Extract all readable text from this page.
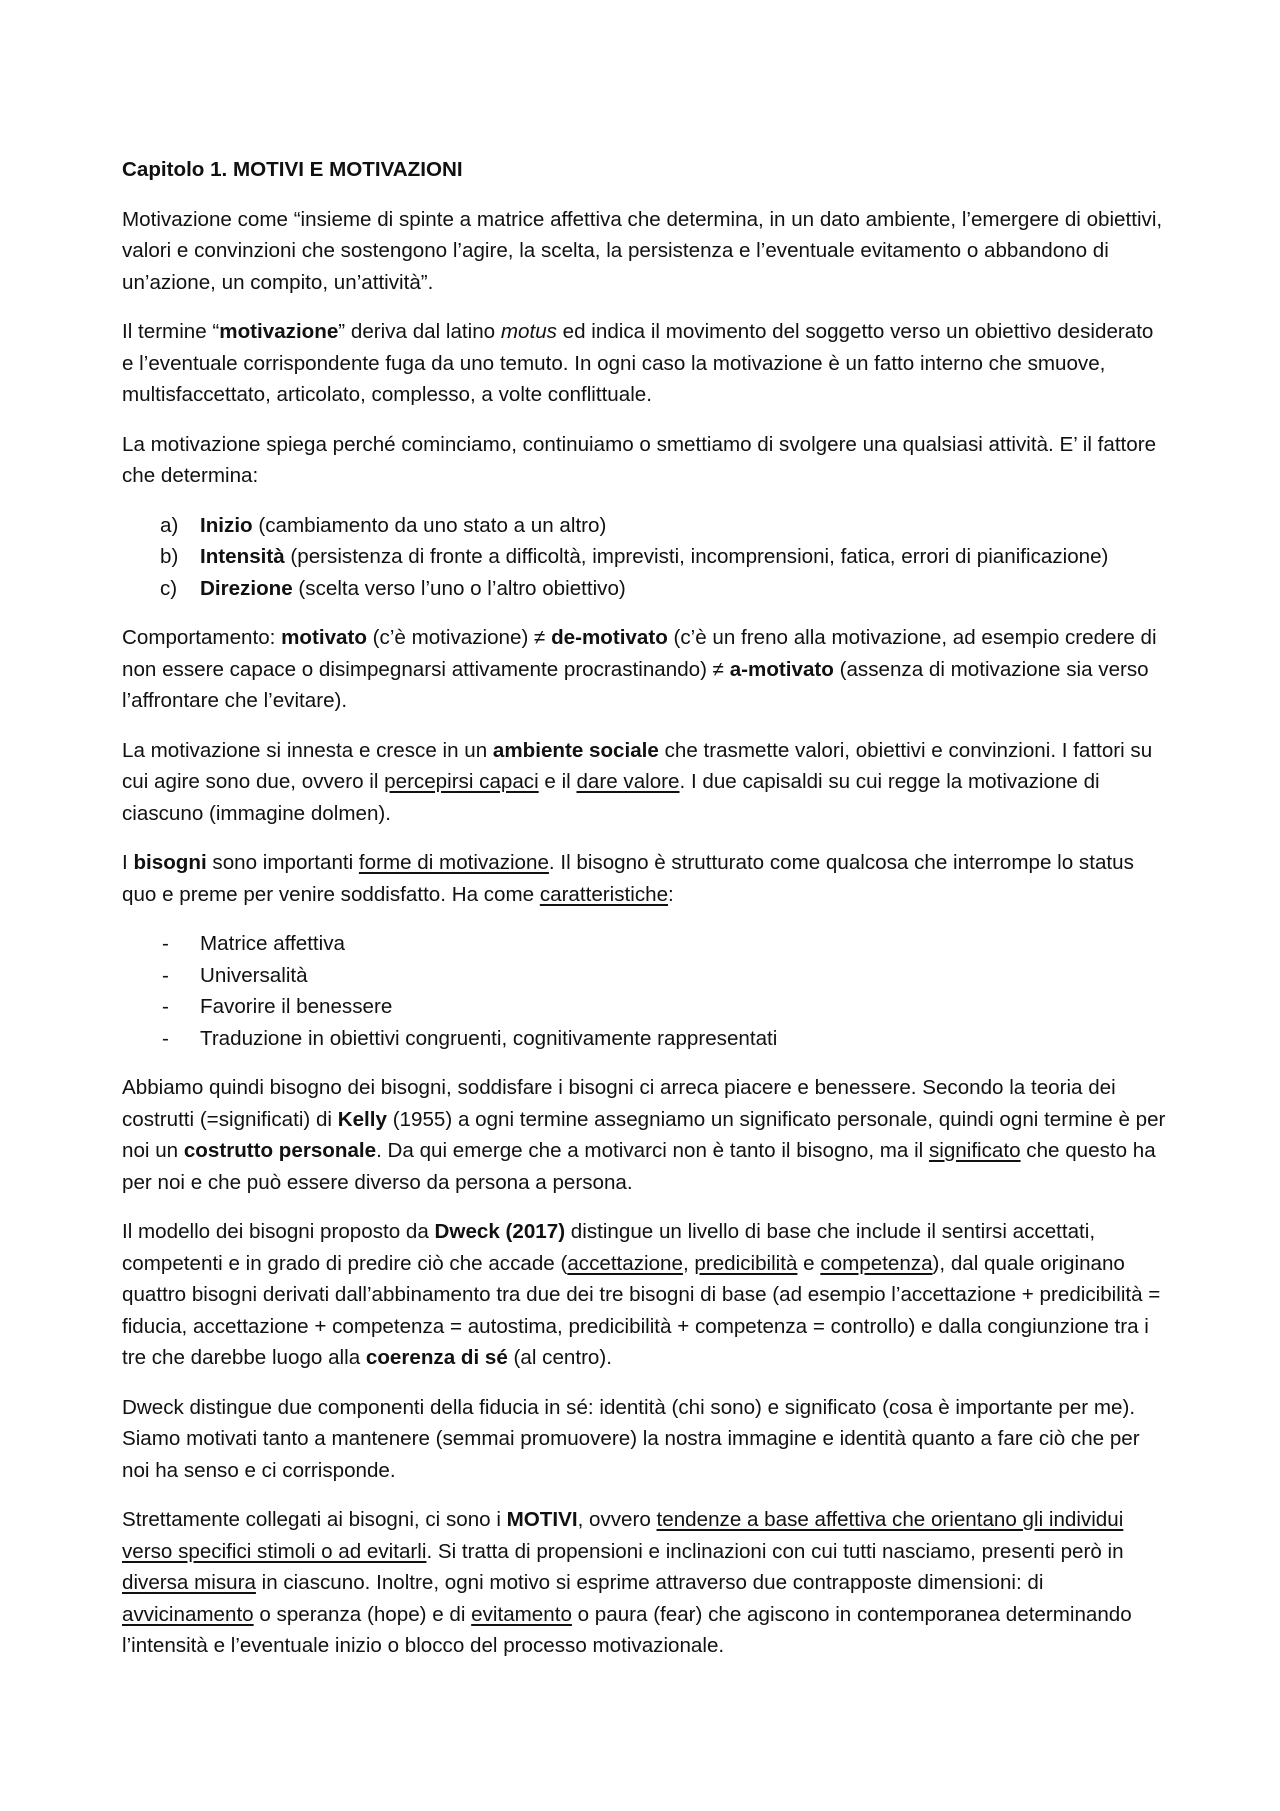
Capitolo 1. MOTIVI E MOTIVAZIONI

Motivazione come “insieme di spinte a matrice affettiva che determina, in un dato ambiente, l’emergere di obiettivi, valori e convinzioni che sostengono l’agire, la scelta, la persistenza e l’eventuale evitamento o abbandono di un’azione, un compito, un’attività”.

Il termine “motivazione” deriva dal latino motus ed indica il movimento del soggetto verso un obiettivo desiderato e l’eventuale corrispondente fuga da uno temuto. In ogni caso la motivazione è un fatto interno che smuove, multisfaccettato, articolato, complesso, a volte conflittuale.

La motivazione spiega perché cominciamo, continuiamo o smettiamo di svolgere una qualsiasi attività. E’ il fattore che determina:

a) Inizio (cambiamento da uno stato a un altro)
b) Intensità (persistenza di fronte a difficoltà, imprevisti, incomprensioni, fatica, errori di pianificazione)
c) Direzione (scelta verso l’uno o l’altro obiettivo)

Comportamento: motivato (c’è motivazione) ≠ de-motivato (c’è un freno alla motivazione, ad esempio credere di non essere capace o disimpegnarsi attivamente procrastinando) ≠ a-motivato (assenza di motivazione sia verso l’affrontare che l’evitare).

La motivazione si innesta e cresce in un ambiente sociale che trasmette valori, obiettivi e convinzioni. I fattori su cui agire sono due, ovvero il percepirsi capaci e il dare valore. I due capisaldi su cui regge la motivazione di ciascuno (immagine dolmen).

I bisogni sono importanti forme di motivazione. Il bisogno è strutturato come qualcosa che interrompe lo status quo e preme per venire soddisfatto. Ha come caratteristiche:

- Matrice affettiva
- Universalità
- Favorire il benessere
- Traduzione in obiettivi congruenti, cognitivamente rappresentati

Abbiamo quindi bisogno dei bisogni, soddisfare i bisogni ci arreca piacere e benessere. Secondo la teoria dei costrutti (=significati) di Kelly (1955) a ogni termine assegniamo un significato personale, quindi ogni termine è per noi un costrutto personale. Da qui emerge che a motivarci non è tanto il bisogno, ma il significato che questo ha per noi e che può essere diverso da persona a persona.

Il modello dei bisogni proposto da Dweck (2017) distingue un livello di base che include il sentirsi accettati, competenti e in grado di predire ciò che accade (accettazione, predicibilità e competenza), dal quale originano quattro bisogni derivati dall’abbinamento tra due dei tre bisogni di base (ad esempio l’accettazione + predicibilità = fiducia, accettazione + competenza = autostima, predicibilità + competenza = controllo) e dalla congiunzione tra i tre che darebbe luogo alla coerenza di sé (al centro).

Dweck distingue due componenti della fiducia in sé: identità (chi sono) e significato (cosa è importante per me). Siamo motivati tanto a mantenere (semmai promuovere) la nostra immagine e identità quanto a fare ciò che per noi ha senso e ci corrisponde.

Strettamente collegati ai bisogni, ci sono i MOTIVI, ovvero tendenze a base affettiva che orientano gli individui verso specifici stimoli o ad evitarli. Si tratta di propensioni e inclinazioni con cui tutti nasciamo, presenti però in diversa misura in ciascuno. Inoltre, ogni motivo si esprime attraverso due contrapposte dimensioni: di avvicinamento o speranza (hope) e di evitamento o paura (fear) che agiscono in contemporanea determinando l’intensità e l’eventuale inizio o blocco del processo motivazionale.
